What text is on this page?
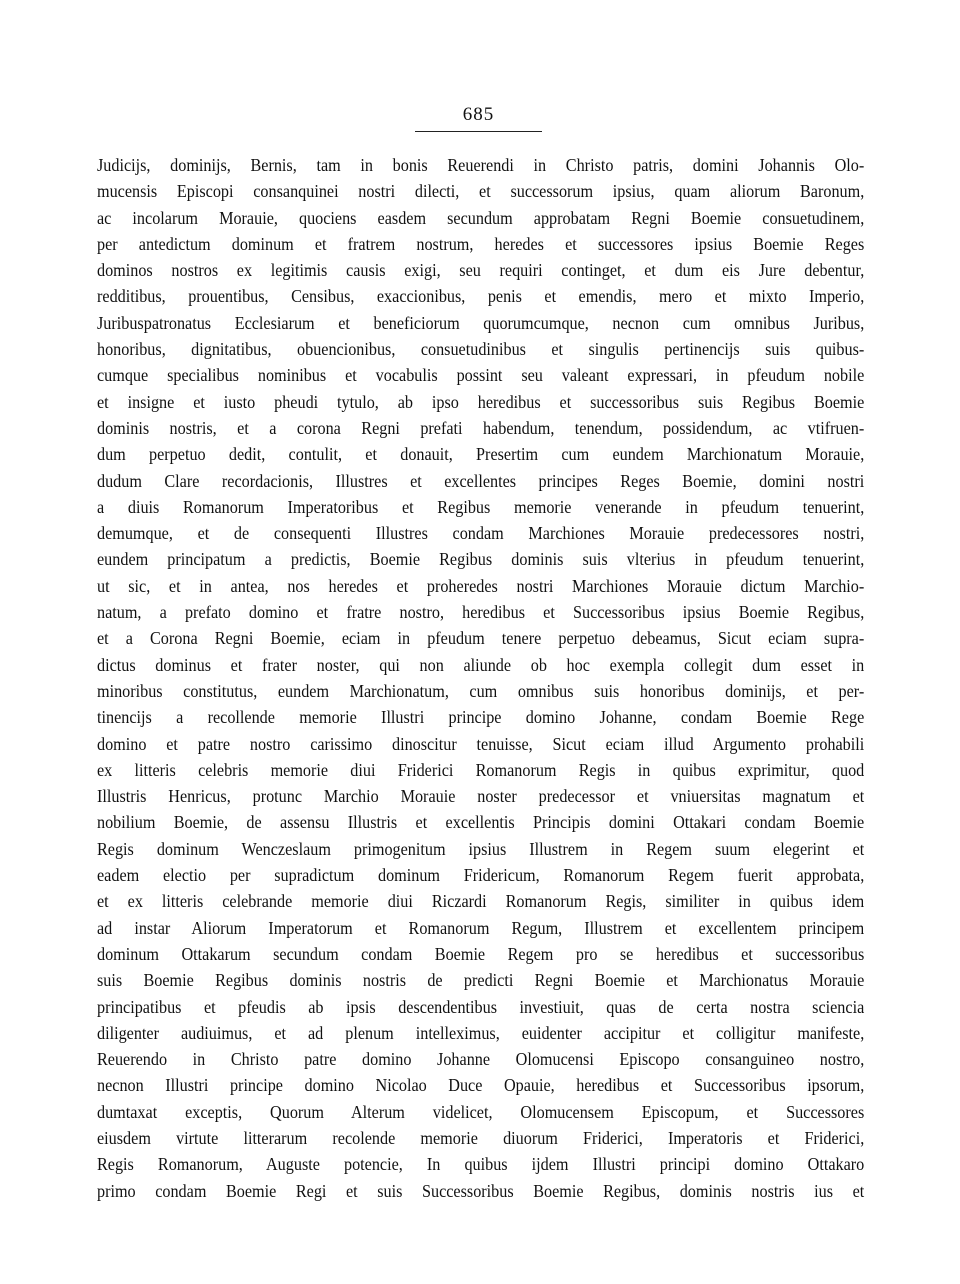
685
Judicijs, dominijs, Bernis, tam in bonis Reuerendi in Christo patris, domini Johannis Olo-
mucensis Episcopi consanquinei nostri dilecti, et successorum ipsius, quam aliorum Baronum,
ac incolarum Morauie, quociens easdem secundum approbatam Regni Boemie consuetudinem,
per antedictum dominum et fratrem nostrum, heredes et successores ipsius Boemie Reges
dominos nostros ex legitimis causis exigi, seu requiri continget, et dum eis Jure debentur,
redditibus, prouentibus, Censibus, exaccionibus, penis et emendis, mero et mixto Imperio,
Juribuspatronatus Ecclesiarum et beneficiorum quorumcumque, necnon cum omnibus Juribus,
honoribus, dignitatibus, obuencionibus, consuetudinibus et singulis pertinencijs suis quibus-
cumque specialibus nominibus et vocabulis possint seu valeant expressari, in pfeudum nobile
et insigne et iusto pheudi tytulo, ab ipso heredibus et successoribus suis Regibus Boemie
dominis nostris, et a corona Regni prefati habendum, tenendum, possidendum, ac vtifruen-
dum perpetuo dedit, contulit, et donauit, Presertim cum eundem Marchionatum Morauie,
dudum Clare recordacionis, Illustres et excellentes principes Reges Boemie, domini nostri
a diuis Romanorum Imperatoribus et Regibus memorie venerande in pfeudum tenuerint,
demumque, et de consequenti Illustres condam Marchiones Morauie predecessores nostri,
eundem principatum a predictis, Boemie Regibus dominis suis vlterius in pfeudum tenuerint,
ut sic, et in antea, nos heredes et proheredes nostri Marchiones Morauie dictum Marchio-
natum, a prefato domino et fratre nostro, heredibus et Successoribus ipsius Boemie Regibus,
et a Corona Regni Boemie, eciam in pfeudum tenere perpetuo debeamus, Sicut eciam supra-
dictus dominus et frater noster, qui non aliunde ob hoc exempla collegit dum esset in
minoribus constitutus, eundem Marchionatum, cum omnibus suis honoribus dominijs, et per-
tinencijs a recollende memorie Illustri principe domino Johanne, condam Boemie Rege
domino et patre nostro carissimo dinoscitur tenuisse, Sicut eciam illud Argumento prohabili
ex litteris celebris memorie diui Friderici Romanorum Regis in quibus exprimitur, quod
Illustris Henricus, protunc Marchio Morauie noster predecessor et vniuersitas magnatum et
nobilium Boemie, de assensu Illustris et excellentis Principis domini Ottakari condam Boemie
Regis dominum Wenczeslaum primogenitum ipsius Illustrem in Regem suum elegerint et
eadem electio per supradictum dominum Fridericum, Romanorum Regem fuerit approbata,
et ex litteris celebrande memorie diui Riczardi Romanorum Regis, similiter in quibus idem
ad instar Aliorum Imperatorum et Romanorum Regum, Illustrem et excellentem principem
dominum Ottakarum secundum condam Boemie Regem pro se heredibus et successoribus
suis Boemie Regibus dominis nostris de predicti Regni Boemie et Marchionatus Morauie
principatibus et pfeudis ab ipsis descendentibus investiuit, quas de certa nostra sciencia
diligenter audiuimus, et ad plenum intelleximus, euidenter accipitur et colligitur manifeste,
Reuerendo in Christo patre domino Johanne Olomucensi Episcopo consanguineo nostro,
necnon Illustri principe domino Nicolao Duce Opauie, heredibus et Successoribus ipsorum,
dumtaxat exceptis, Quorum Alterum videlicet, Olomucensem Episcopum, et Successores
eiusdem virtute litterarum recolende memorie diuorum Friderici, Imperatoris et Friderici,
Regis Romanorum, Auguste potencie, In quibus ijdem Illustri principi domino Ottakaro
primo condam Boemie Regi et suis Successoribus Boemie Regibus, dominis nostris ius et
